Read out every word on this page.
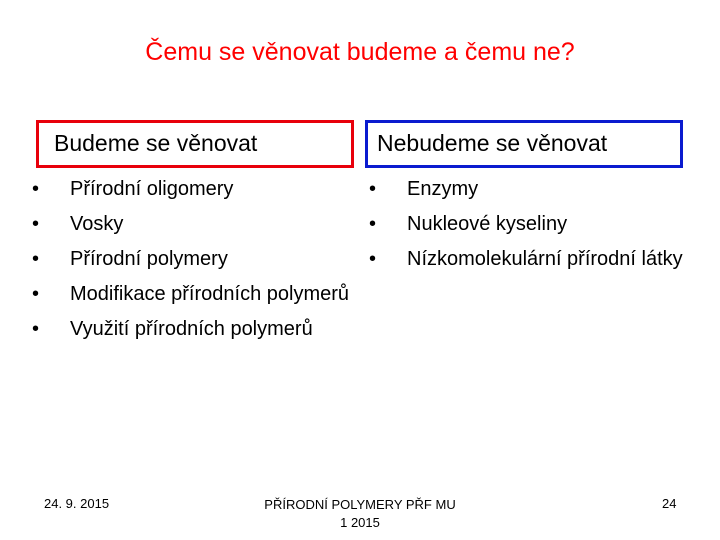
Čemu se věnovat budeme a čemu ne?
Budeme se věnovat	Nebudeme se věnovat
• Přírodní oligomery
• Vosky
• Přírodní polymery
• Modifikace přírodních polymerů
• Využití přírodních polymerů
• Enzymy
• Nukleové kyseliny
• Nízkomolekulární přírodní látky
24. 9. 2015	PŘÍRODNÍ POLYMERY PŘF MU
1 2015
24
